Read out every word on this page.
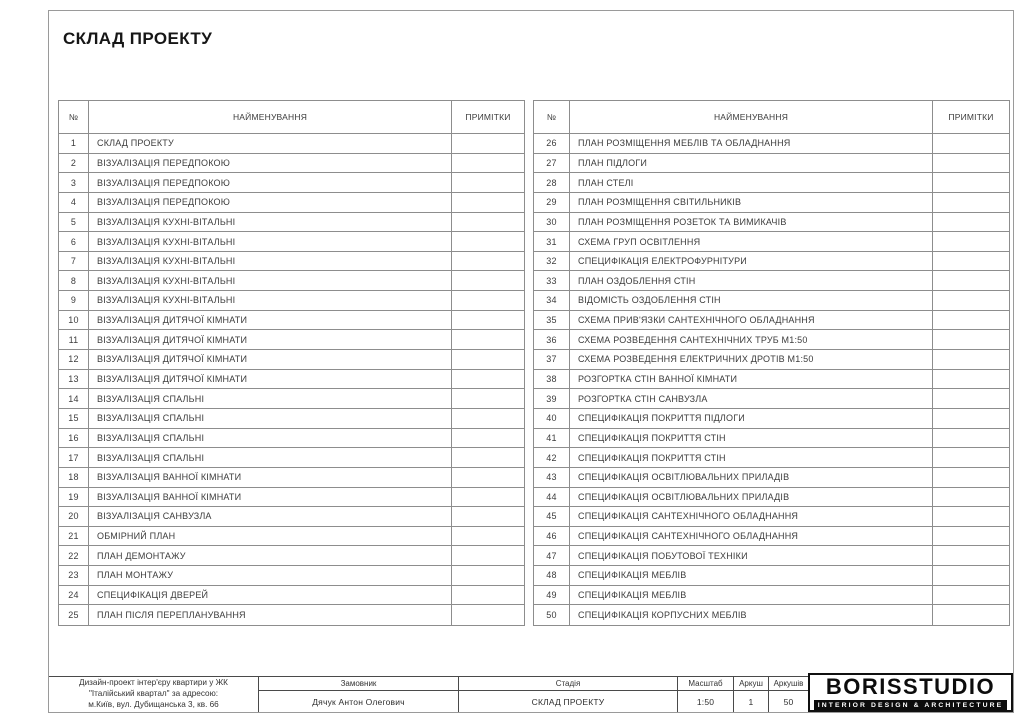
СКЛАД ПРОЕКТУ
№	НАЙМЕНУВАННЯ	ПРИМІТКИ
1	СКЛАД ПРОЕКТУ
2	ВІЗУАЛІЗАЦІЯ ПЕРЕДПОКОЮ
3	ВІЗУАЛІЗАЦІЯ ПЕРЕДПОКОЮ
4	ВІЗУАЛІЗАЦІЯ ПЕРЕДПОКОЮ
5	ВІЗУАЛІЗАЦІЯ КУХНІ-ВІТАЛЬНІ
6	ВІЗУАЛІЗАЦІЯ КУХНІ-ВІТАЛЬНІ
7	ВІЗУАЛІЗАЦІЯ КУХНІ-ВІТАЛЬНІ
8	ВІЗУАЛІЗАЦІЯ КУХНІ-ВІТАЛЬНІ
9	ВІЗУАЛІЗАЦІЯ КУХНІ-ВІТАЛЬНІ
10	ВІЗУАЛІЗАЦІЯ ДИТЯЧОЇ КІМНАТИ
11	ВІЗУАЛІЗАЦІЯ ДИТЯЧОЇ КІМНАТИ
12	ВІЗУАЛІЗАЦІЯ ДИТЯЧОЇ КІМНАТИ
13	ВІЗУАЛІЗАЦІЯ ДИТЯЧОЇ КІМНАТИ
14	ВІЗУАЛІЗАЦІЯ СПАЛЬНІ
15	ВІЗУАЛІЗАЦІЯ СПАЛЬНІ
16	ВІЗУАЛІЗАЦІЯ СПАЛЬНІ
17	ВІЗУАЛІЗАЦІЯ СПАЛЬНІ
18	ВІЗУАЛІЗАЦІЯ ВАННОЇ КІМНАТИ
19	ВІЗУАЛІЗАЦІЯ ВАННОЇ КІМНАТИ
20	ВІЗУАЛІЗАЦІЯ САНВУЗЛА
21	ОБМІРНИЙ ПЛАН
22	ПЛАН ДЕМОНТАЖУ
23	ПЛАН МОНТАЖУ
24	СПЕЦИФІКАЦІЯ ДВЕРЕЙ
25	ПЛАН ПІСЛЯ ПЕРЕПЛАНУВАННЯ
№	НАЙМЕНУВАННЯ	ПРИМІТКИ
26	ПЛАН РОЗМІЩЕННЯ МЕБЛІВ ТА ОБЛАДНАННЯ
27	ПЛАН ПІДЛОГИ
28	ПЛАН СТЕЛІ
29	ПЛАН РОЗМІЩЕННЯ СВІТИЛЬНИКІВ
30	ПЛАН РОЗМІЩЕННЯ РОЗЕТОК ТА ВИМИКАЧІВ
31	СХЕМА ГРУП ОСВІТЛЕННЯ
32	СПЕЦИФІКАЦІЯ ЕЛЕКТРОФУРНІТУРИ
33	ПЛАН ОЗДОБЛЕННЯ СТІН
34	ВІДОМІСТЬ ОЗДОБЛЕННЯ СТІН
35	СХЕМА ПРИВ'ЯЗКИ САНТЕХНІЧНОГО ОБЛАДНАННЯ
36	СХЕМА РОЗВЕДЕННЯ САНТЕХНІЧНИХ ТРУБ М1:50
37	СХЕМА РОЗВЕДЕННЯ ЕЛЕКТРИЧНИХ ДРОТІВ М1:50
38	РОЗГОРТКА СТІН ВАННОЇ КІМНАТИ
39	РОЗГОРТКА СТІН САНВУЗЛА
40	СПЕЦИФІКАЦІЯ ПОКРИТТЯ ПІДЛОГИ
41	СПЕЦИФІКАЦІЯ ПОКРИТТЯ СТІН
42	СПЕЦИФІКАЦІЯ ПОКРИТТЯ СТІН
43	СПЕЦИФІКАЦІЯ ОСВІТЛЮВАЛЬНИХ ПРИЛАДІВ
44	СПЕЦИФІКАЦІЯ ОСВІТЛЮВАЛЬНИХ ПРИЛАДІВ
45	СПЕЦИФІКАЦІЯ САНТЕХНІЧНОГО ОБЛАДНАННЯ
46	СПЕЦИФІКАЦІЯ САНТЕХНІЧНОГО ОБЛАДНАННЯ
47	СПЕЦИФІКАЦІЯ ПОБУТОВОЇ ТЕХНІКИ
48	СПЕЦИФІКАЦІЯ МЕБЛІВ
49	СПЕЦИФІКАЦІЯ МЕБЛІВ
50	СПЕЦИФІКАЦІЯ КОРПУСНИХ МЕБЛІВ
Дизайн-проект інтер'єру квартири у ЖК
"Італійський квартал" за адресою:
м.Київ, вул. Дубищанська 3, кв. 66
Замовник
Дячук Антон Олегович
Стадія
СКЛАД ПРОЕКТУ
Масштаб
1:50
Аркуш
1
Аркушів
50
BORISSTUDIO
INTERIOR DESIGN & ARCHITECTURE
